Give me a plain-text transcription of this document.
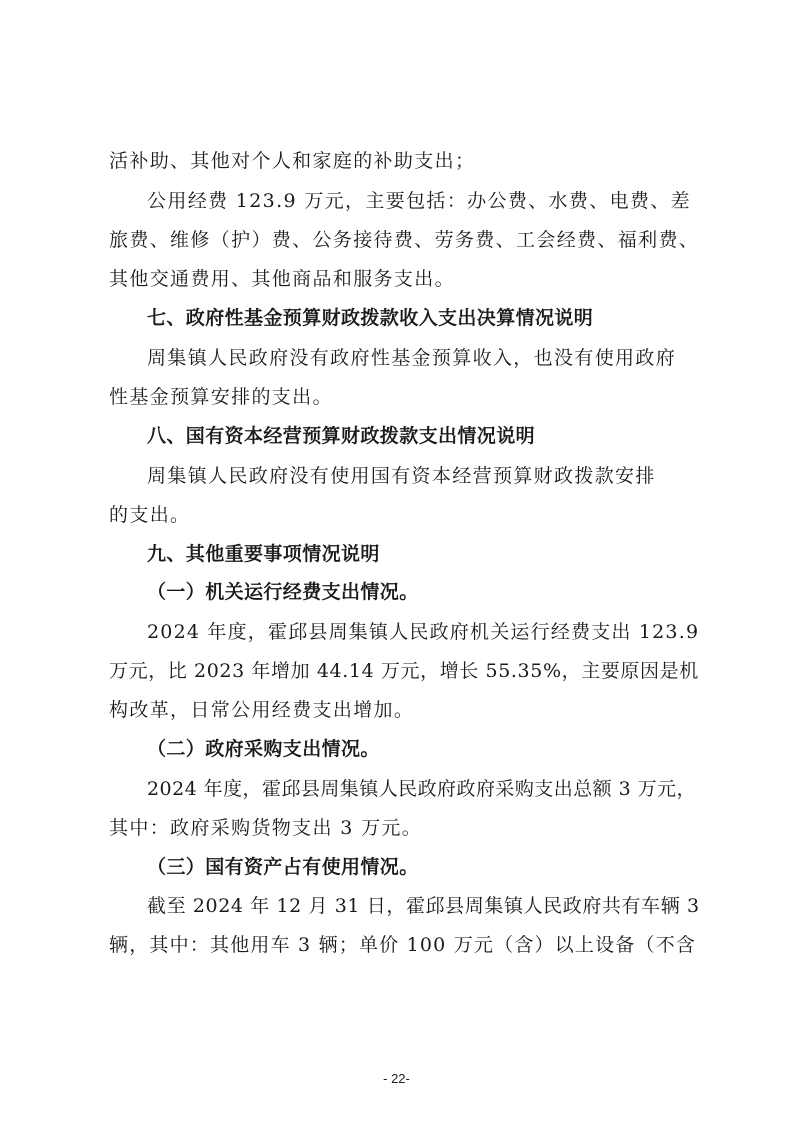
活补助、其他对个人和家庭的补助支出；
公用经费 123.9 万元，主要包括：办公费、水费、电费、差
旅费、维修（护）费、公务接待费、劳务费、工会经费、福利费、
其他交通费用、其他商品和服务支出。
七、政府性基金预算财政拨款收入支出决算情况说明
周集镇人民政府没有政府性基金预算收入，也没有使用政府
性基金预算安排的支出。
八、国有资本经营预算财政拨款支出情况说明
周集镇人民政府没有使用国有资本经营预算财政拨款安排
的支出。
九、其他重要事项情况说明
（一）机关运行经费支出情况。
2024 年度，霍邱县周集镇人民政府机关运行经费支出 123.9
万元，比 2023 年增加 44.14 万元，增长 55.35%，主要原因是机
构改革，日常公用经费支出增加。
（二）政府采购支出情况。
2024 年度，霍邱县周集镇人民政府政府采购支出总额 3 万元，
其中：政府采购货物支出 3 万元。
（三）国有资产占有使用情况。
截至 2024 年 12 月 31 日，霍邱县周集镇人民政府共有车辆 3
辆，其中：其他用车 3 辆；单价 100 万元（含）以上设备（不含
- 22-
